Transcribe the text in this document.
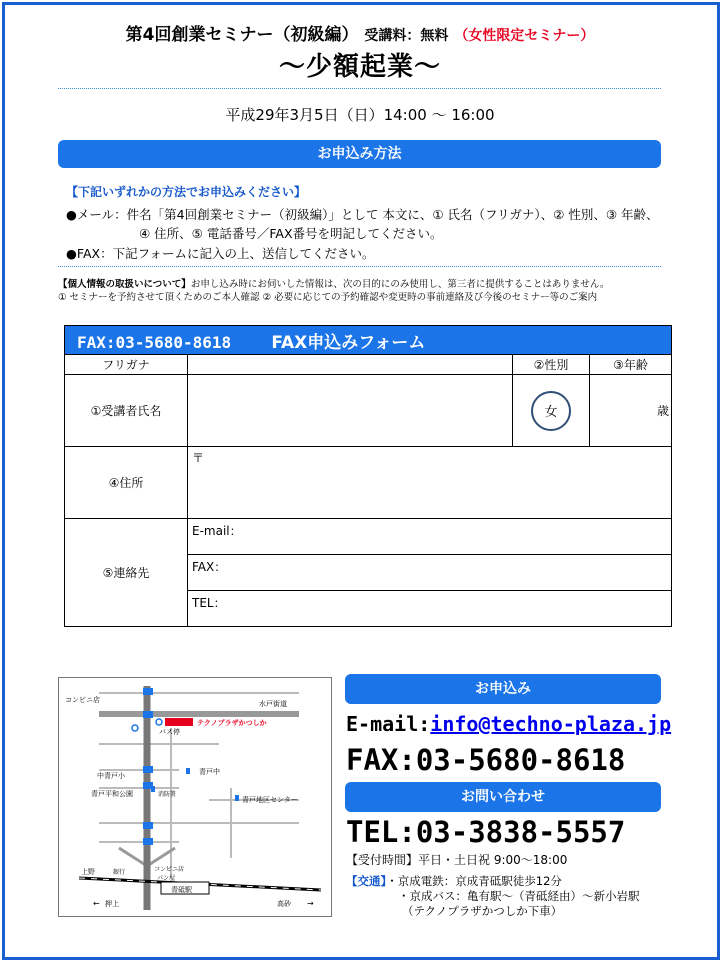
第4回創業セミナー（初級編） 受講料：無料 （女性限定セミナー）
〜少額起業〜
平成29年3月5日（日）14:00 〜 16:00
お申込み方法
【下記いずれかの方法でお申込みください】
●メール：件名「第4回創業セミナー（初級編）」として 本文に、① 氏名（フリガナ）、② 性別、③ 年齢、
④ 住所、⑤ 電話番号／FAX番号を明記してください。
●FAX：下記フォームに記入の上、送信してください。
【個人情報の取扱いについて】お申し込み時にお伺いした情報は、次の目的にのみ使用し、第三者に提供することはありません。
① セミナーを予約させて頂くためのご本人確認 ② 必要に応じての予約確認や変更時の事前連絡及び今後のセミナー等のご案内
FAX:03-5680-8618 FAX申込みフォーム			
フリガナ		②性別	③年齢
①受講者氏名		女	歳
④住所	〒		
⑤連絡先	E-mail：		
	FAX：		
	TEL：		
コンビニ店	水戸街道
バス停
テクノプラザかつしか
青戸中
中青戸小
青戸平和公園	消防署
青戸地区センター
銀行	コンビニ店
パン屋
上野
青砥駅
押上	高砂
←	→
お申込み
E-mail:info@techno-plaza.jp
FAX:03-5680-8618
お問い合わせ
TEL:03-3838-5557
【受付時間】平日・土日祝 9:00〜18:00
【交通】・京成電鉄：京成青砥駅徒歩12分
・京成バス：亀有駅〜（青砥経由）〜新小岩駅
（テクノプラザかつしか下車）
